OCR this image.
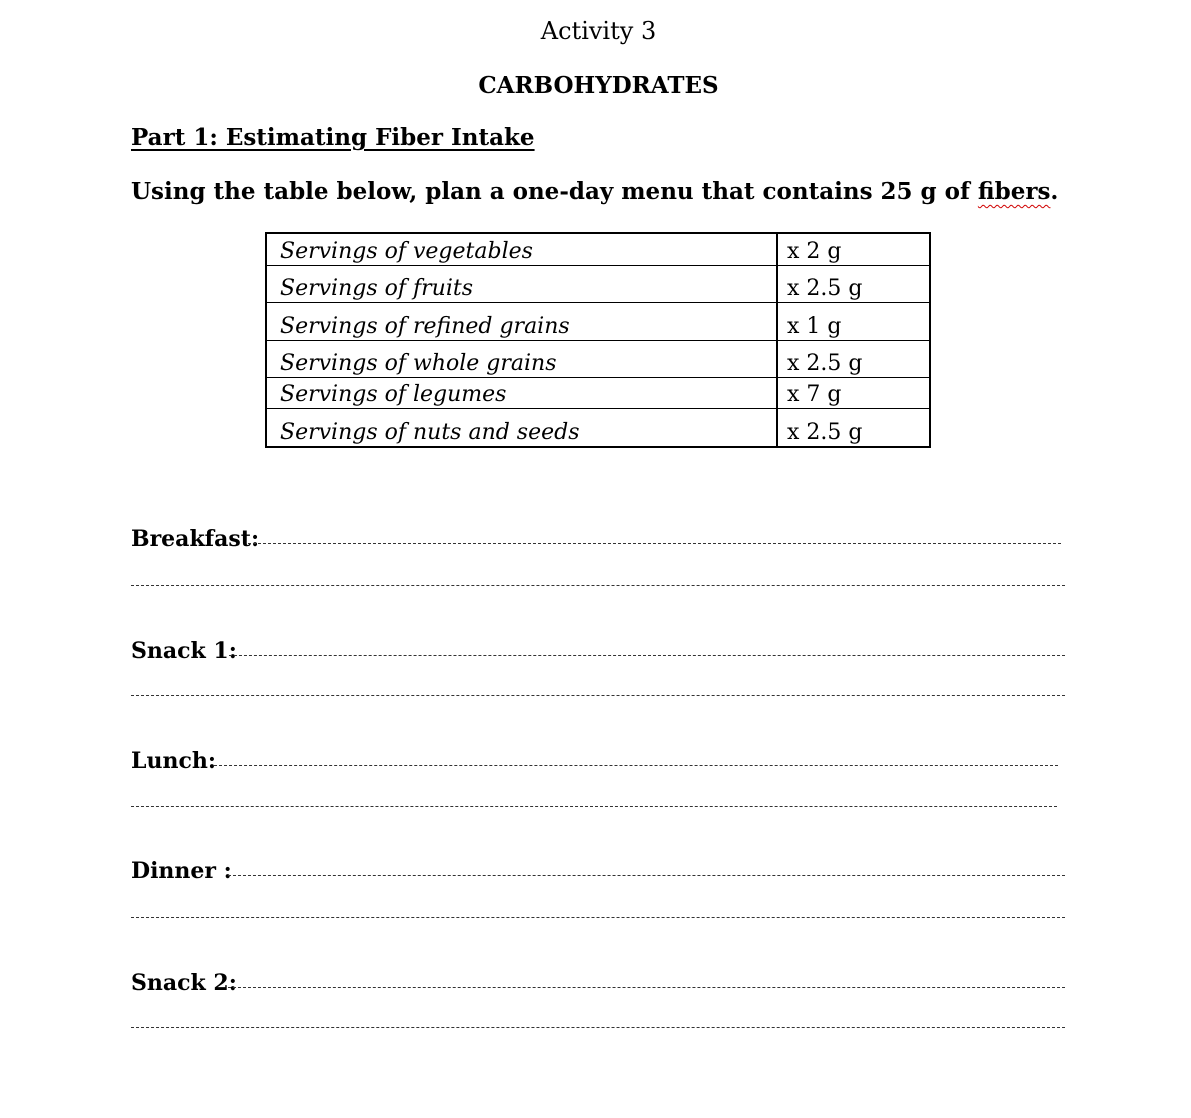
Activity 3
CARBOHYDRATES
Part 1: Estimating Fiber Intake
Using the table below, plan a one-day menu that contains 25 g of fibers.
Servings of vegetables	x 2 g
Servings of fruits	x 2.5 g
Servings of refined grains	x 1 g
Servings of whole grains	x 2.5 g
Servings of legumes	x 7 g
Servings of nuts and seeds	x 2.5 g
Breakfast:
Snack 1:
Lunch:
Dinner :
Snack 2:
